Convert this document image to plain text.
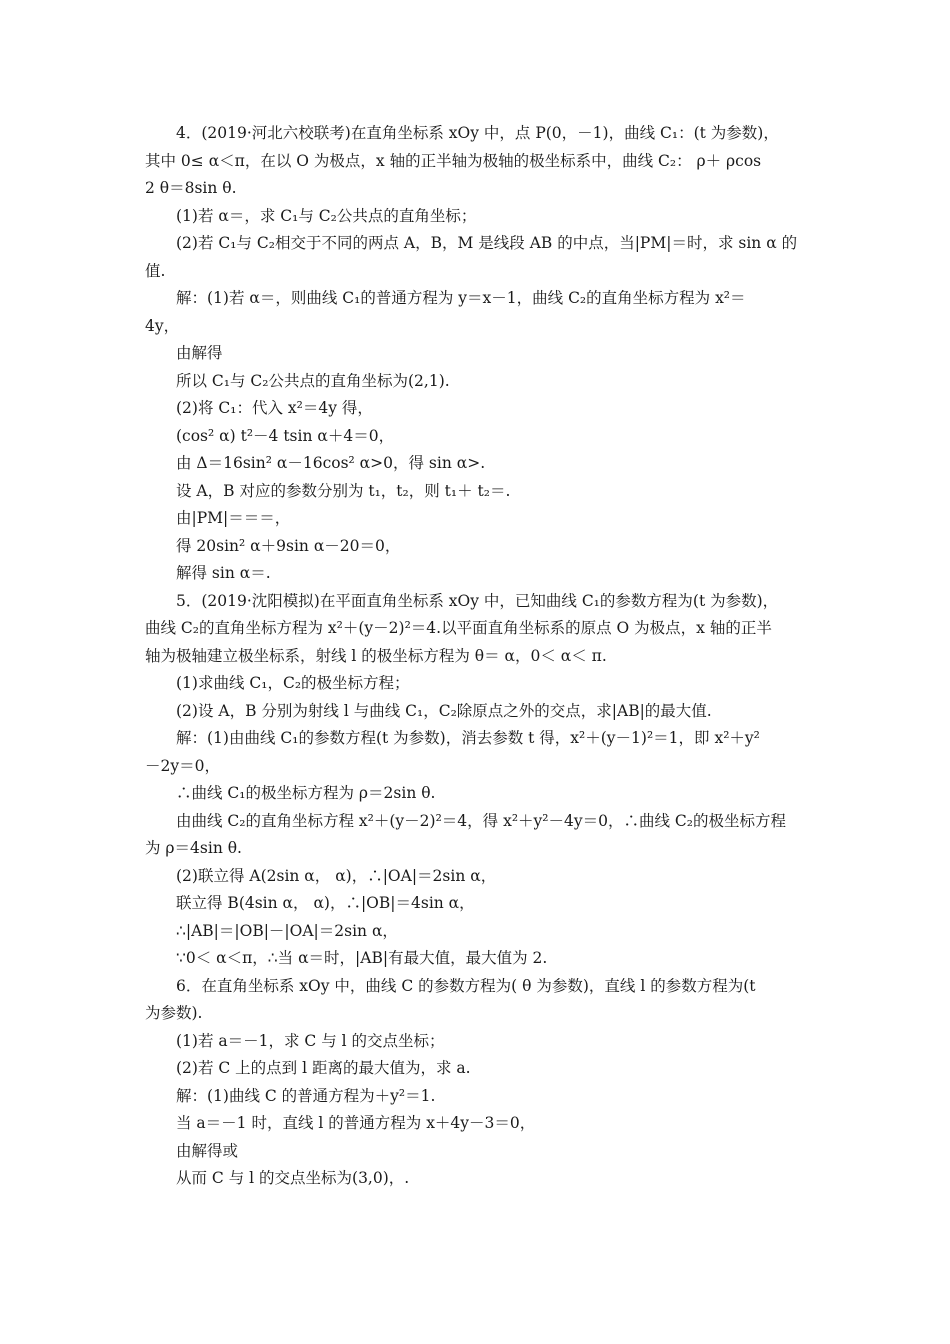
4．(2019·河北六校联考)在直角坐标系 xOy 中，点 P(0，－1)，曲线 C₁：(t 为参数)，
其中 0≤ α＜π，在以 O 为极点，x 轴的正半轴为极轴的极坐标系中，曲线 C₂： ρ＋ ρcos
2 θ＝8sin θ.
(1)若 α＝，求 C₁与 C₂公共点的直角坐标；
(2)若 C₁与 C₂相交于不同的两点 A，B，M 是线段 AB 的中点，当|PM|＝时，求 sin α 的
值.
解：(1)若 α＝，则曲线 C₁的普通方程为 y＝x－1，曲线 C₂的直角坐标方程为 x²＝
4y，
由解得
所以 C₁与 C₂公共点的直角坐标为(2,1).
(2)将 C₁：代入 x²＝4y 得，
(cos² α) t²－4 tsin α＋4＝0，
由 Δ＝16sin² α－16cos² α>0，得 sin α>.
设 A，B 对应的参数分别为 t₁，t₂，则 t₁＋ t₂＝.
由|PM|＝＝＝，
得 20sin² α＋9sin α－20＝0，
解得 sin α＝.
5．(2019·沈阳模拟)在平面直角坐标系 xOy 中，已知曲线 C₁的参数方程为(t 为参数)，
曲线 C₂的直角坐标方程为 x²＋(y－2)²＝4.以平面直角坐标系的原点 O 为极点，x 轴的正半
轴为极轴建立极坐标系，射线 l 的极坐标方程为 θ＝ α，0＜ α＜ π.
(1)求曲线 C₁，C₂的极坐标方程；
(2)设 A，B 分别为射线 l 与曲线 C₁，C₂除原点之外的交点，求|AB|的最大值.
解：(1)由曲线 C₁的参数方程(t 为参数)，消去参数 t 得，x²＋(y－1)²＝1，即 x²＋y²
－2y＝0，
∴曲线 C₁的极坐标方程为 ρ＝2sin θ.
由曲线 C₂的直角坐标方程 x²＋(y－2)²＝4，得 x²＋y²－4y＝0，∴曲线 C₂的极坐标方程
为 ρ＝4sin θ.
(2)联立得 A(2sin α， α)，∴|OA|＝2sin α，
联立得 B(4sin α， α)，∴|OB|＝4sin α，
∴|AB|＝|OB|－|OA|＝2sin α，
∵0＜ α＜π，∴当 α＝时，|AB|有最大值，最大值为 2.
6．在直角坐标系 xOy 中，曲线 C 的参数方程为( θ 为参数)，直线 l 的参数方程为(t
为参数).
(1)若 a＝－1，求 C 与 l 的交点坐标；
(2)若 C 上的点到 l 距离的最大值为，求 a.
解：(1)曲线 C 的普通方程为＋y²＝1.
当 a＝－1 时，直线 l 的普通方程为 x＋4y－3＝0，
由解得或
从而 C 与 l 的交点坐标为(3,0)，.
